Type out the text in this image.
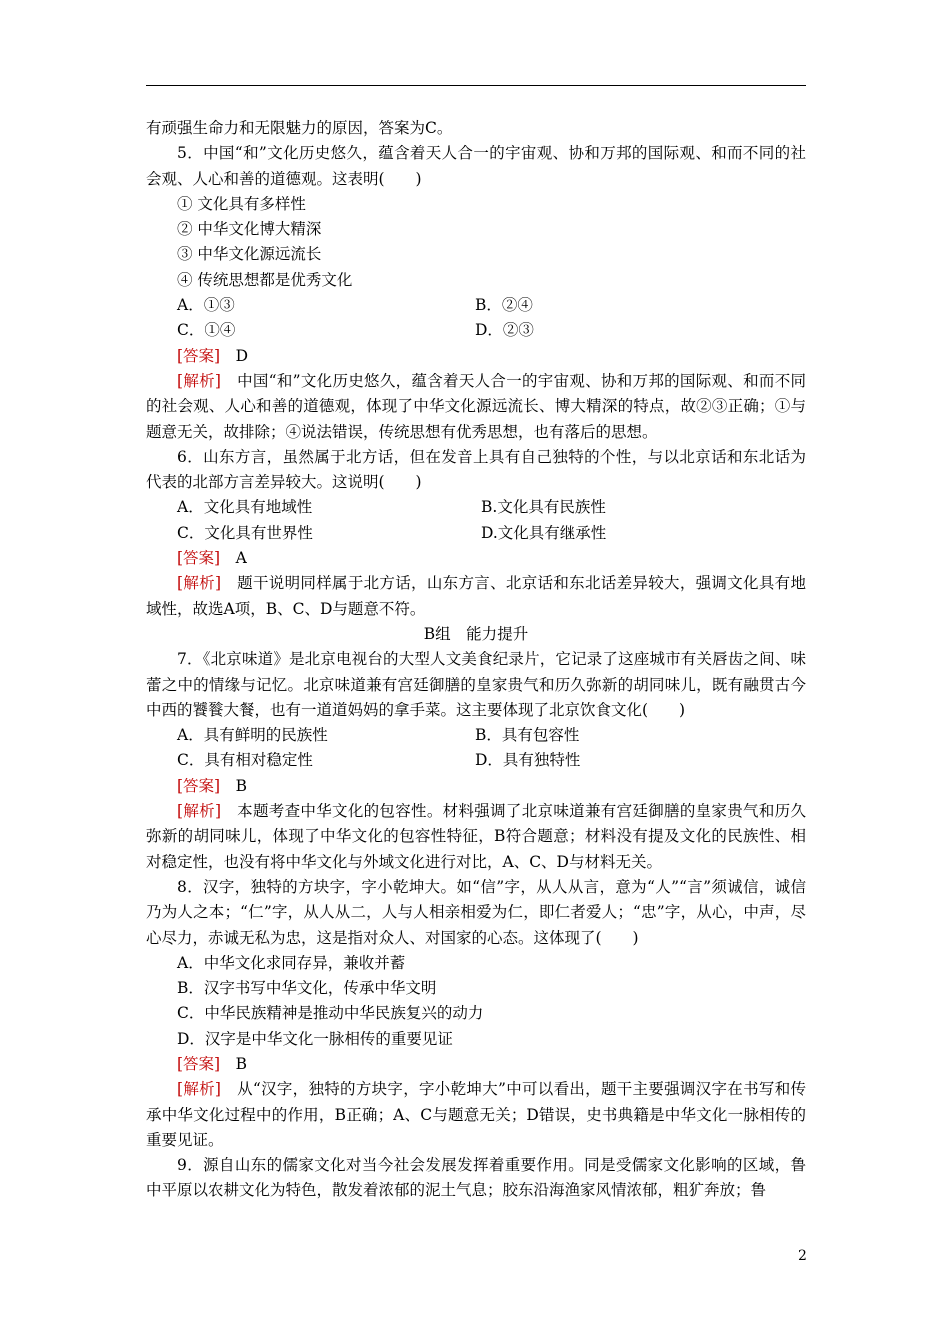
有顽强生命力和无限魅力的原因，答案为C。

5．中国“和”文化历史悠久，蕴含着天人合一的宇宙观、协和万邦的国际观、和而不同的社会观、人心和善的道德观。这表明(　　)

① 文化具有多样性

② 中华文化博大精深

③ 中华文化源远流长

④ 传统思想都是优秀文化

A．①③	B．②④
C．①④	D．②③

[答案]　D

[解析]　中国“和”文化历史悠久，蕴含着天人合一的宇宙观、协和万邦的国际观、和而不同的社会观、人心和善的道德观，体现了中华文化源远流长、博大精深的特点，故②③正确；①与题意无关，故排除；④说法错误，传统思想有优秀思想，也有落后的思想。

6．山东方言，虽然属于北方话，但在发音上具有自己独特的个性，与以北京话和东北话为代表的北部方言差异较大。这说明(　　)

A．文化具有地域性	B.文化具有民族性
C．文化具有世界性	D.文化具有继承性

[答案]　A

[解析]　题干说明同样属于北方话，山东方言、北京话和东北话差异较大，强调文化具有地域性，故选A项，B、C、D与题意不符。

B组　能力提升

7．《北京味道》是北京电视台的大型人文美食纪录片，它记录了这座城市有关唇齿之间、味蕾之中的情缘与记忆。北京味道兼有宫廷御膳的皇家贵气和历久弥新的胡同味儿，既有融贯古今中西的饕餮大餐，也有一道道妈妈的拿手菜。这主要体现了北京饮食文化(　　)

A．具有鲜明的民族性	B．具有包容性
C．具有相对稳定性	D．具有独特性

[答案]　B

[解析]　本题考查中华文化的包容性。材料强调了北京味道兼有宫廷御膳的皇家贵气和历久弥新的胡同味儿，体现了中华文化的包容性特征，B符合题意；材料没有提及文化的民族性、相对稳定性，也没有将中华文化与外域文化进行对比，A、C、D与材料无关。

8．汉字，独特的方块字，字小乾坤大。如“信”字，从人从言，意为“人”“言”须诚信，诚信乃为人之本；“仁”字，从人从二，人与人相亲相爱为仁，即仁者爱人；“忠”字，从心，中声，尽心尽力，赤诚无私为忠，这是指对众人、对国家的心态。这体现了(　　)

A．中华文化求同存异，兼收并蓄

B．汉字书写中华文化，传承中华文明

C．中华民族精神是推动中华民族复兴的动力

D．汉字是中华文化一脉相传的重要见证

[答案]　B

[解析]　从“汉字，独特的方块字，字小乾坤大”中可以看出，题干主要强调汉字在书写和传承中华文化过程中的作用，B正确；A、C与题意无关；D错误，史书典籍是中华文化一脉相传的重要见证。

9．源自山东的儒家文化对当今社会发展发挥着重要作用。同是受儒家文化影响的区域，鲁中平原以农耕文化为特色，散发着浓郁的泥土气息；胶东沿海渔家风情浓郁，粗犷奔放；鲁

2
